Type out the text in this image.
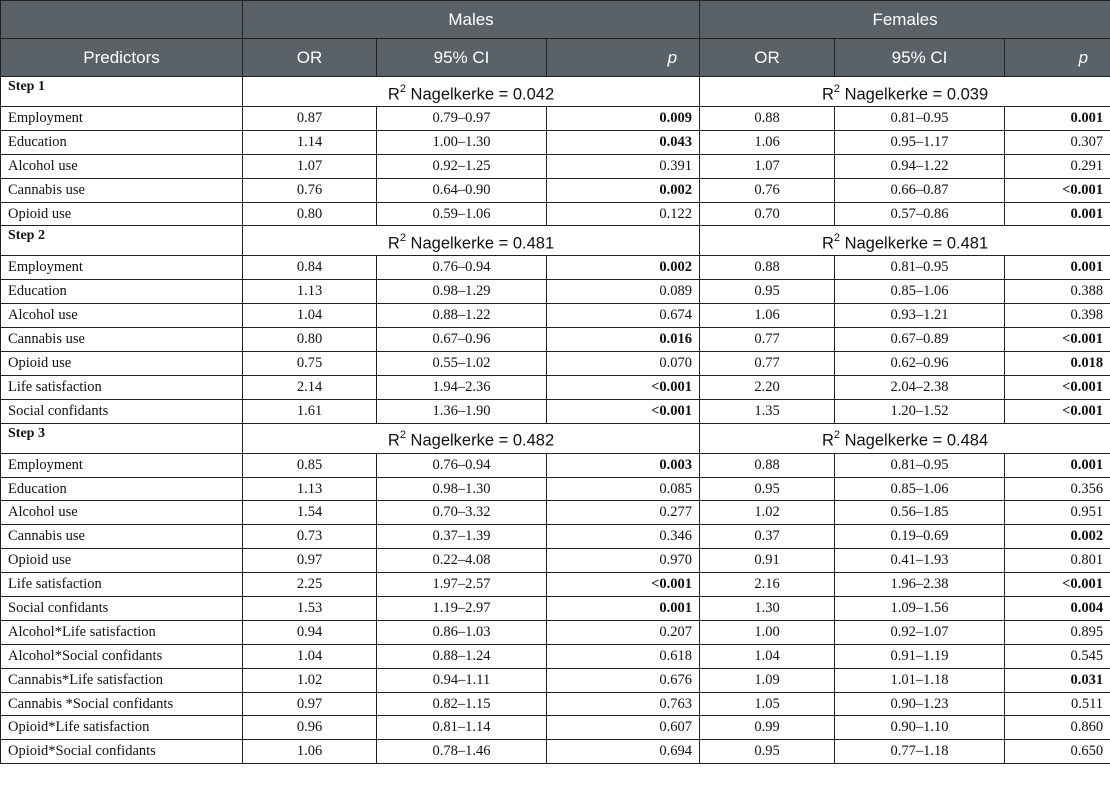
	Males			Females		
Predictors	OR	95% CI	p	OR	95% CI	p
Step 1	$R^2$ Nagelkerke = 0.042			$R^2$ Nagelkerke = 0.039		
Employment	0.87	0.79–0.97	0.009	0.88	0.81–0.95	0.001
Education	1.14	1.00–1.30	0.043	1.06	0.95–1.17	0.307
Alcohol use	1.07	0.92–1.25	0.391	1.07	0.94–1.22	0.291
Cannabis use	0.76	0.64–0.90	0.002	0.76	0.66–0.87	<0.001
Opioid use	0.80	0.59–1.06	0.122	0.70	0.57–0.86	0.001
Step 2	$R^2$ Nagelkerke = 0.481			$R^2$ Nagelkerke = 0.481		
Employment	0.84	0.76–0.94	0.002	0.88	0.81–0.95	0.001
Education	1.13	0.98–1.29	0.089	0.95	0.85–1.06	0.388
Alcohol use	1.04	0.88–1.22	0.674	1.06	0.93–1.21	0.398
Cannabis use	0.80	0.67–0.96	0.016	0.77	0.67–0.89	<0.001
Opioid use	0.75	0.55–1.02	0.070	0.77	0.62–0.96	0.018
Life satisfaction	2.14	1.94–2.36	<0.001	2.20	2.04–2.38	<0.001
Social confidants	1.61	1.36–1.90	<0.001	1.35	1.20–1.52	<0.001
Step 3	$R^2$ Nagelkerke = 0.482			$R^2$ Nagelkerke = 0.484		
Employment	0.85	0.76–0.94	0.003	0.88	0.81–0.95	0.001
Education	1.13	0.98–1.30	0.085	0.95	0.85–1.06	0.356
Alcohol use	1.54	0.70–3.32	0.277	1.02	0.56–1.85	0.951
Cannabis use	0.73	0.37–1.39	0.346	0.37	0.19–0.69	0.002
Opioid use	0.97	0.22–4.08	0.970	0.91	0.41–1.93	0.801
Life satisfaction	2.25	1.97–2.57	<0.001	2.16	1.96–2.38	<0.001
Social confidants	1.53	1.19–2.97	0.001	1.30	1.09–1.56	0.004
Alcohol*Life satisfaction	0.94	0.86–1.03	0.207	1.00	0.92–1.07	0.895
Alcohol*Social confidants	1.04	0.88–1.24	0.618	1.04	0.91–1.19	0.545
Cannabis*Life satisfaction	1.02	0.94–1.11	0.676	1.09	1.01–1.18	0.031
Cannabis *Social confidants	0.97	0.82–1.15	0.763	1.05	0.90–1.23	0.511
Opioid*Life satisfaction	0.96	0.81–1.14	0.607	0.99	0.90–1.10	0.860
Opioid*Social confidants	1.06	0.78–1.46	0.694	0.95	0.77–1.18	0.650
